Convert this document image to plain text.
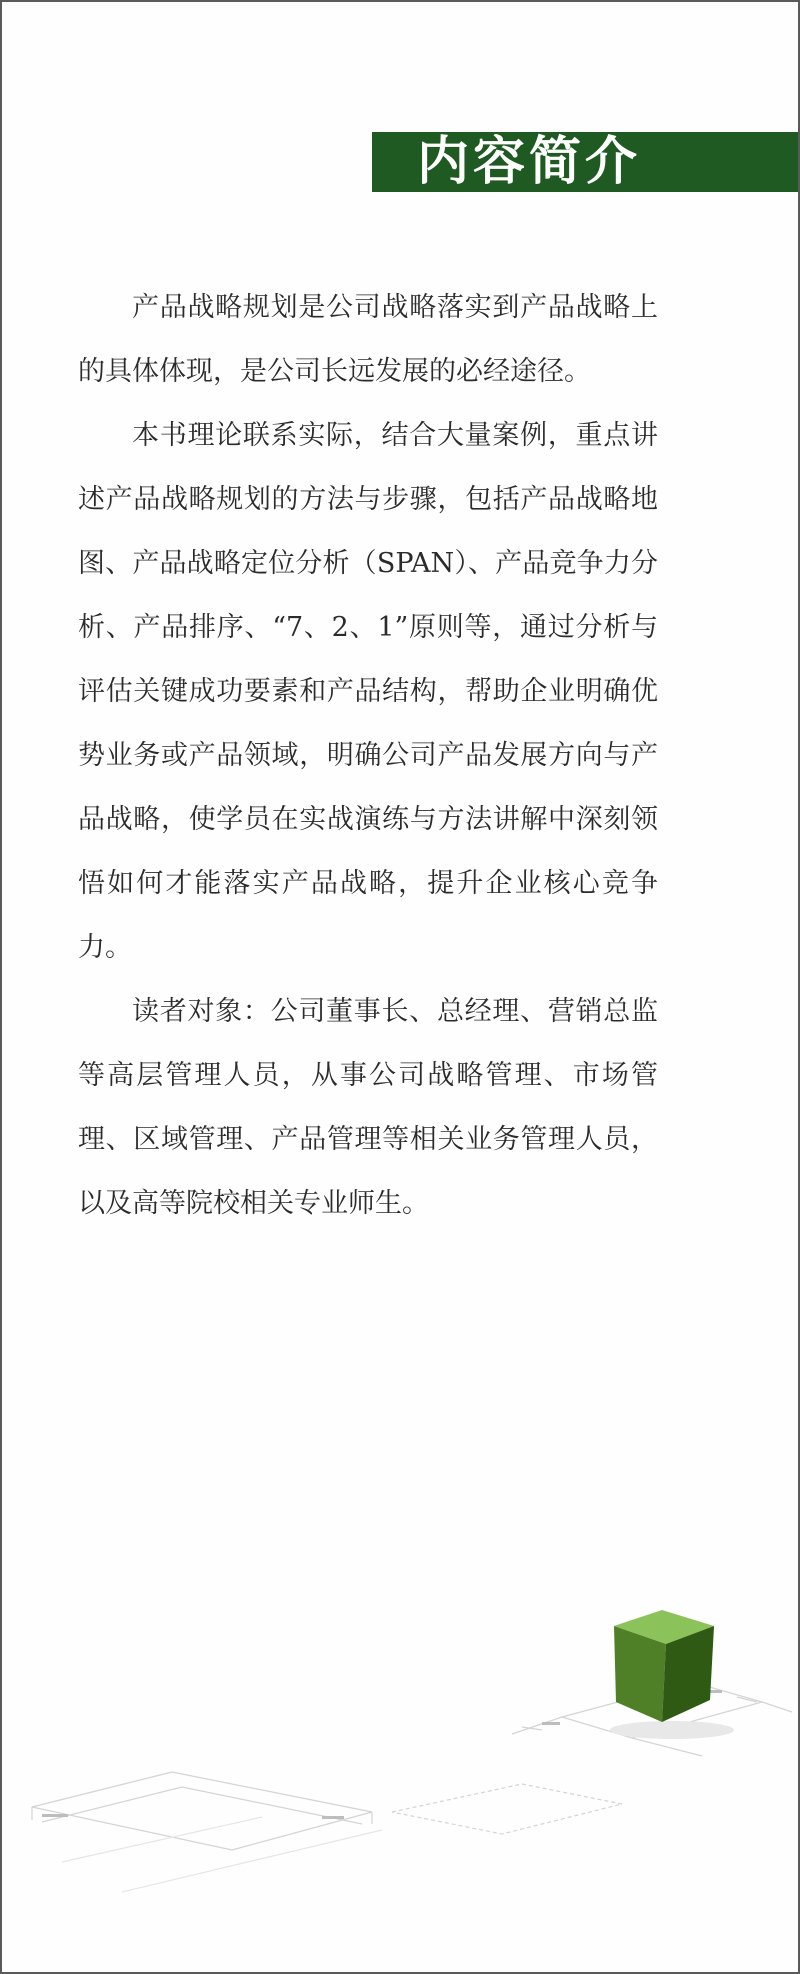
内容简介

产品战略规划是公司战略落实到产品战略上的具体体现，是公司长远发展的必经途径。

本书理论联系实际，结合大量案例，重点讲述产品战略规划的方法与步骤，包括产品战略地图、产品战略定位分析（SPAN）、产品竞争力分析、产品排序、“7、2、1”原则等，通过分析与评估关键成功要素和产品结构，帮助企业明确优势业务或产品领域，明确公司产品发展方向与产品战略，使学员在实战演练与方法讲解中深刻领悟如何才能落实产品战略，提升企业核心竞争力。

读者对象：公司董事长、总经理、营销总监等高层管理人员，从事公司战略管理、市场管理、区域管理、产品管理等相关业务管理人员，以及高等院校相关专业师生。
